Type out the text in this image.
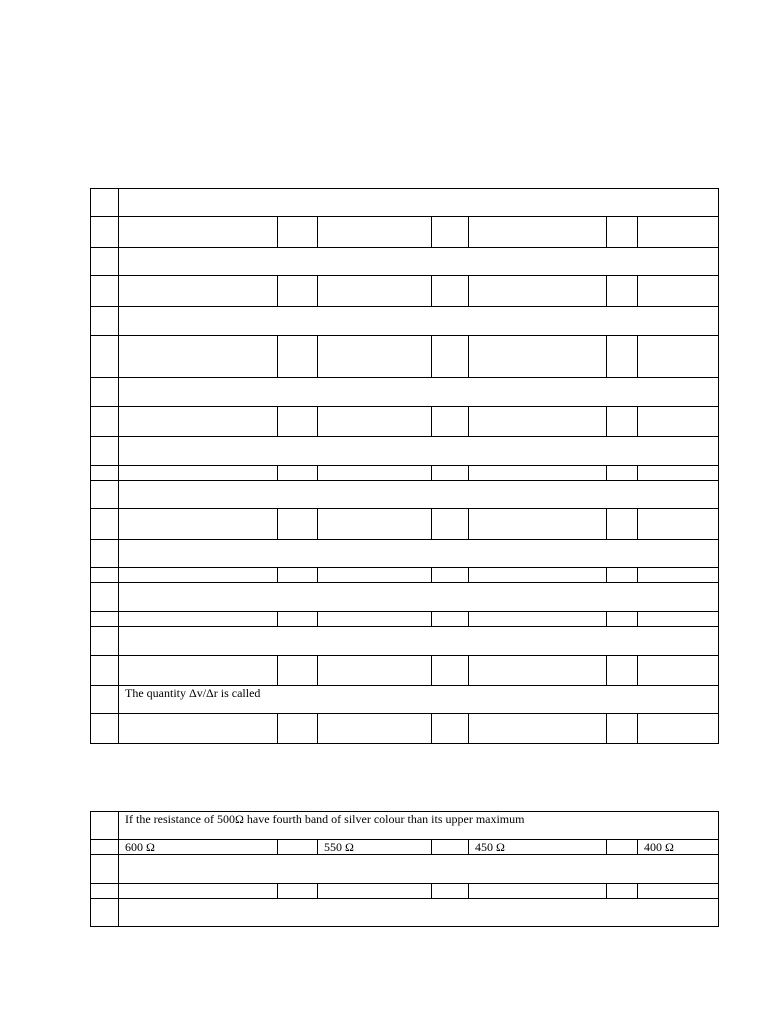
	The quantity Δv/Δr is called						

	If the resistance of 500Ω have fourth band of silver colour than its upper maximum						
	600 Ω		550 Ω		450 Ω		400 Ω
